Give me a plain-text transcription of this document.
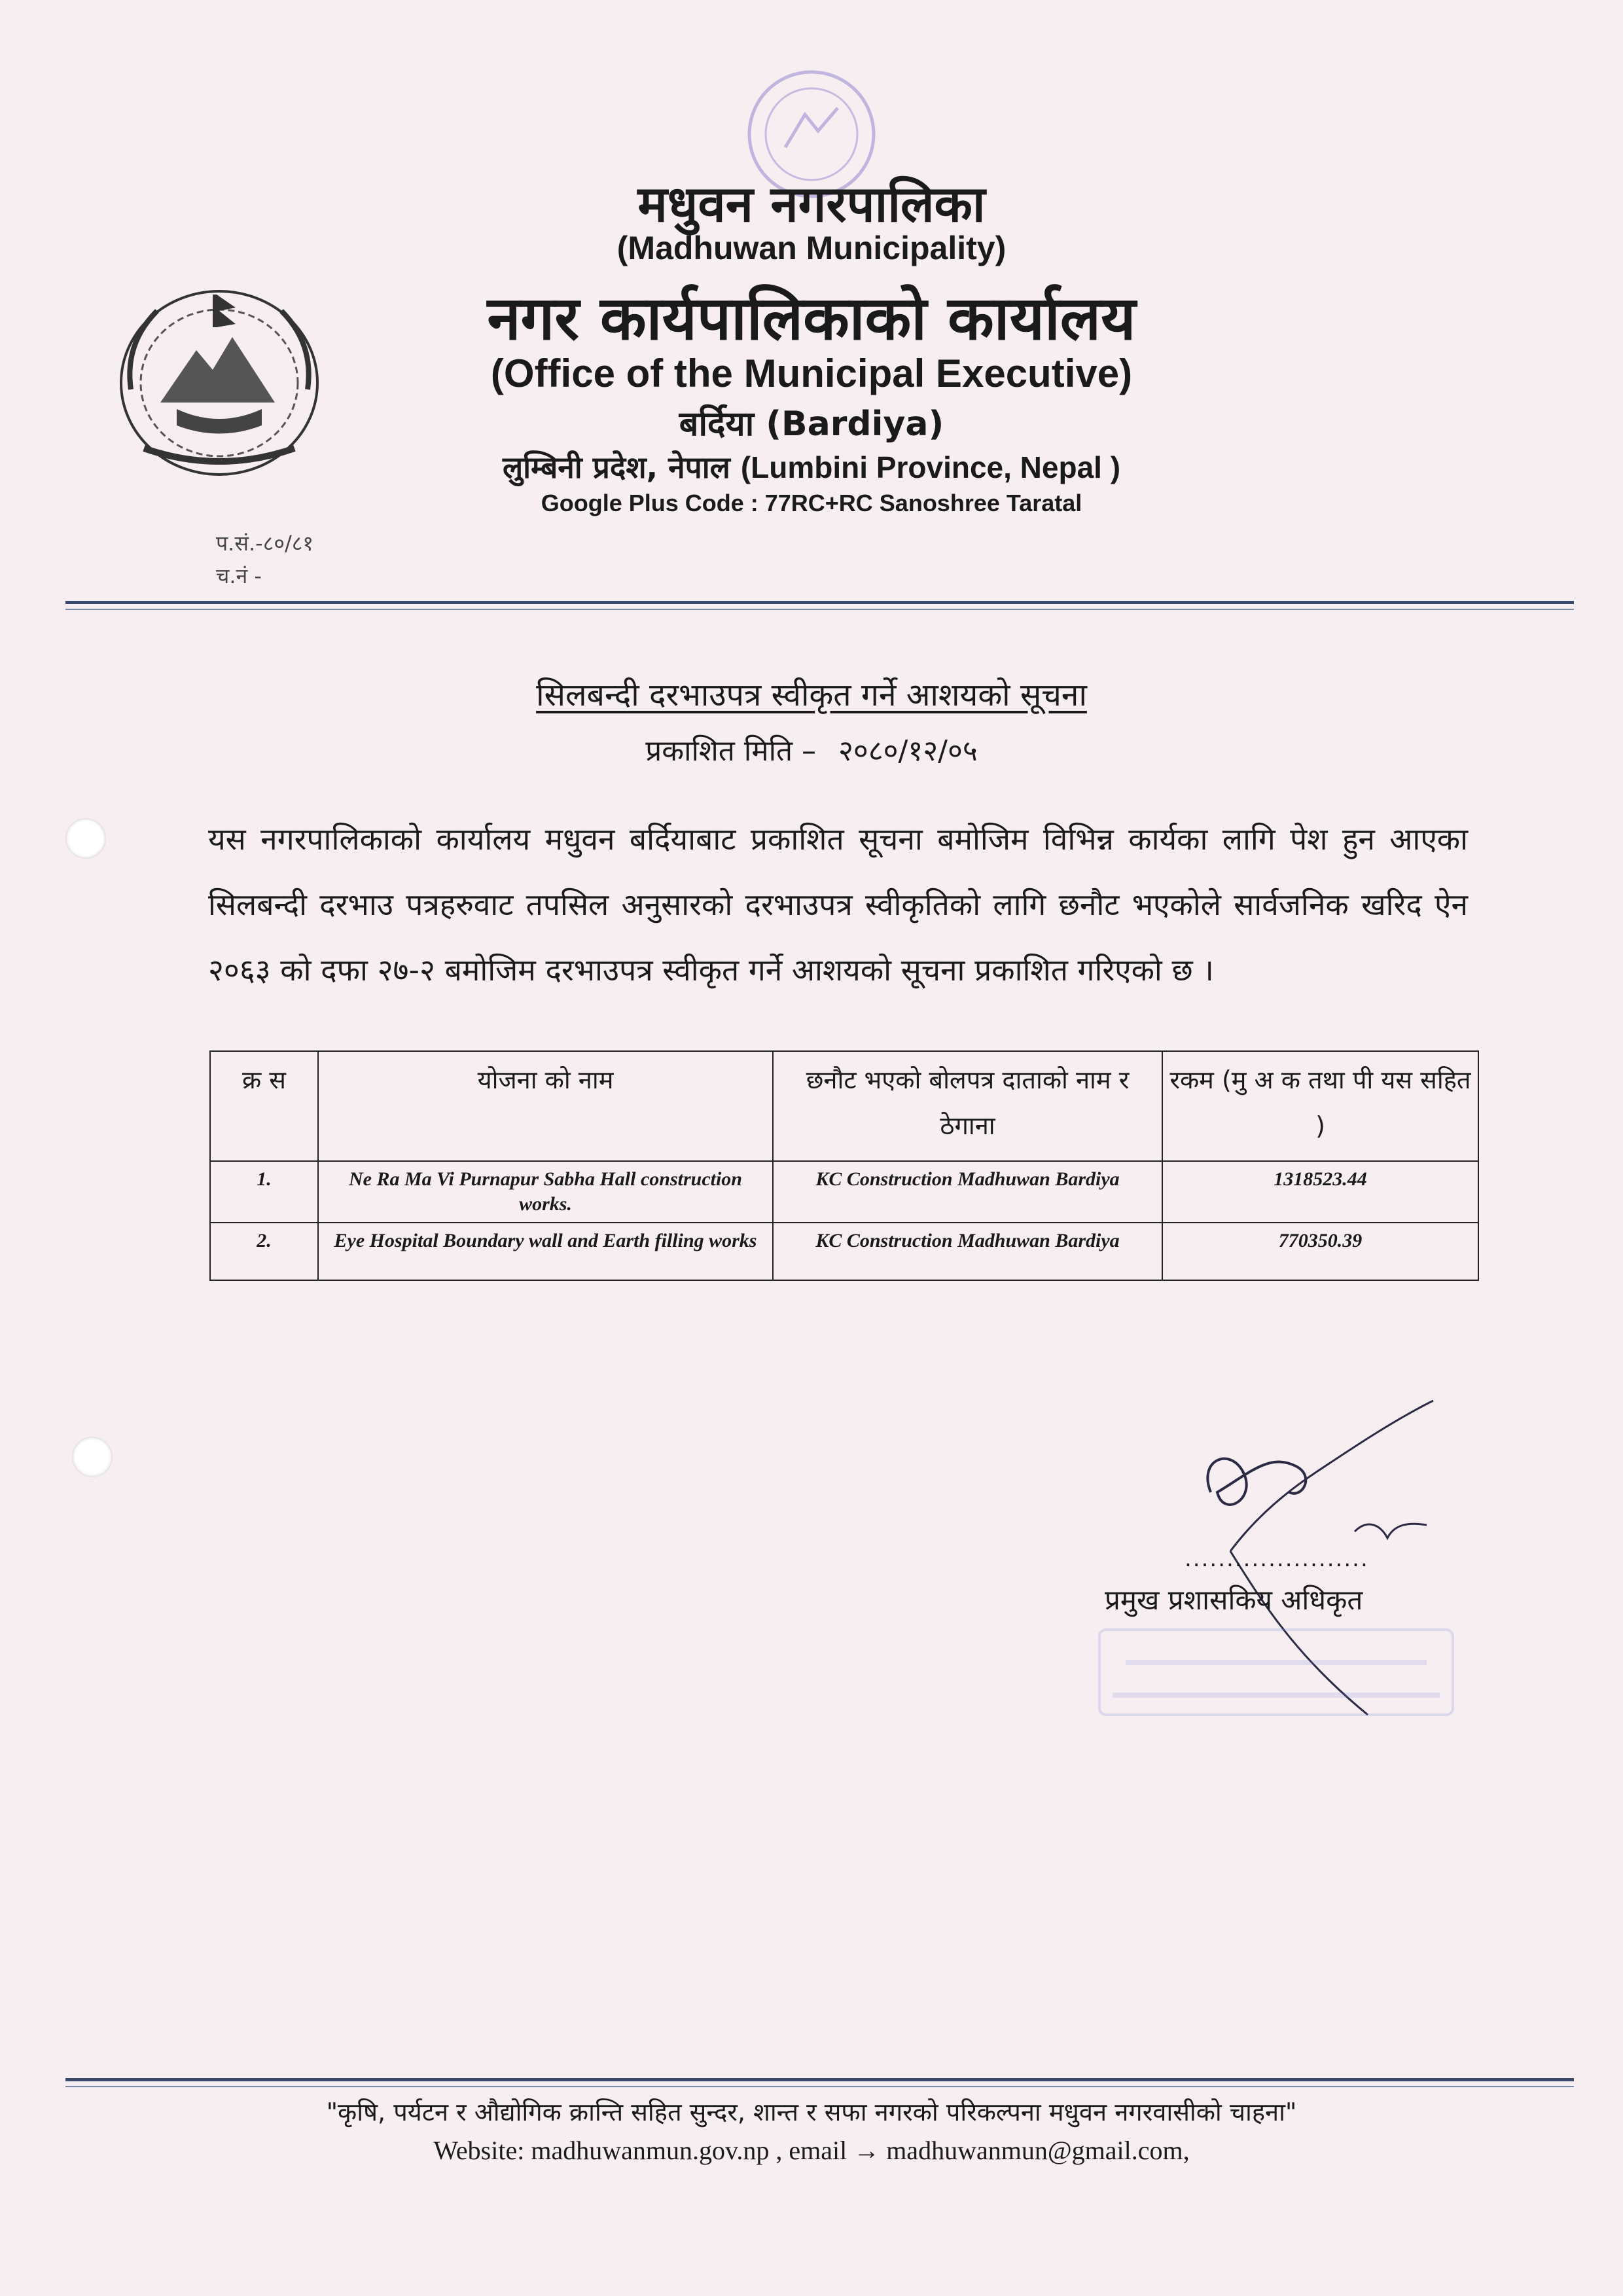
मधुवन नगरपालिका
(Madhuwan Municipality)
नगर कार्यपालिकाको कार्यालय
(Office of the Municipal Executive)
बर्दिया (Bardiya)
लुम्बिनी प्रदेश, नेपाल (Lumbini Province, Nepal )
Google Plus Code : 77RC+RC Sanoshree Taratal
प.सं.-८०/८१
च.नं -
सिलबन्दी दरभाउपत्र स्वीकृत गर्ने आशयको सूचना
प्रकाशित मिति – २०८०/१२/०५
यस नगरपालिकाको कार्यालय मधुवन बर्दियाबाट प्रकाशित सूचना बमोजिम विभिन्न कार्यका लागि पेश हुन आएका सिलबन्दी दरभाउ पत्रहरुवाट तपसिल अनुसारको दरभाउपत्र स्वीकृतिको लागि छनौट भएकोले सार्वजनिक खरिद ऐन २०६३ को दफा २७-२ बमोजिम दरभाउपत्र स्वीकृत गर्ने आशयको सूचना प्रकाशित गरिएको छ ।
क्र स	योजना को नाम	छनौट भएको बोलपत्र दाताको नाम र ठेगाना	रकम (मु अ क तथा पी यस सहित )
1.	Ne Ra Ma Vi Purnapur Sabha Hall construction works.	KC Construction Madhuwan Bardiya	1318523.44
2.	Eye Hospital Boundary wall and Earth filling works	KC Construction Madhuwan Bardiya	770350.39
......................
प्रमुख प्रशासकिय अधिकृत
"कृषि, पर्यटन र औद्योगिक क्रान्ति सहित सुन्दर, शान्त र सफा नगरको परिकल्पना मधुवन नगरवासीको चाहना"
Website: madhuwanmun.gov.np , email → madhuwanmun@gmail.com,
